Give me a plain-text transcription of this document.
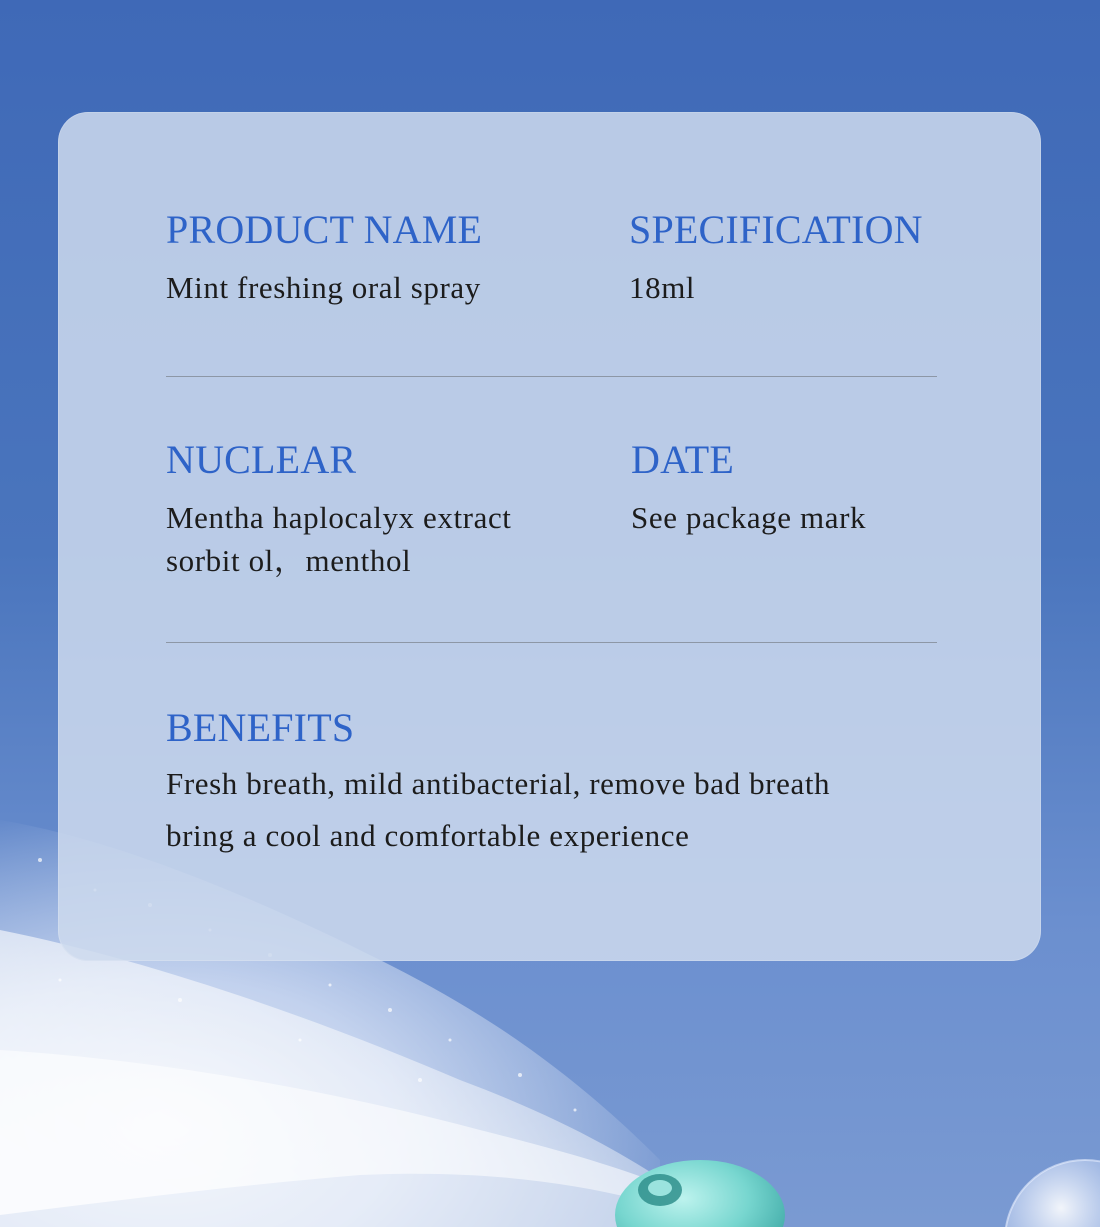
PRODUCT NAME
Mint freshing oral spray
SPECIFICATION
18ml
NUCLEAR
Mentha haplocalyx extract
sorbit ol，menthol
DATE
See package mark
BENEFITS
Fresh breath, mild antibacterial, remove bad breath
bring a cool and comfortable experience
